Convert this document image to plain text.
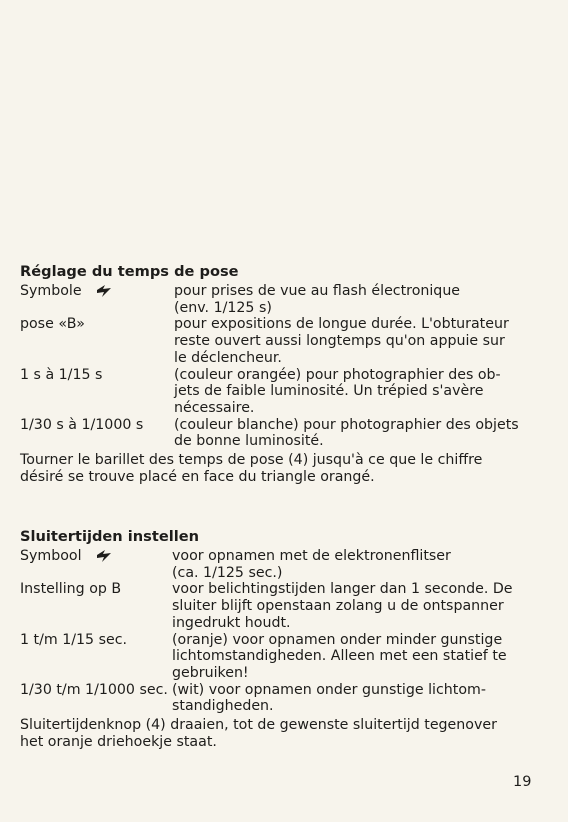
Réglage du temps de pose
Symbole	pour prises de vue au flash électronique
(env. 1/125 s)
pose «B»	pour expositions de longue durée. L'obturateur
reste ouvert aussi longtemps qu'on appuie sur
le déclencheur.
1 s à 1/15 s	(couleur orangée) pour photographier des ob-
jets de faible luminosité. Un trépied s'avère
nécessaire.
1/30 s à 1/1000 s (couleur blanche) pour photographier des objets
de bonne luminosité.
Tourner le barillet des temps de pose (4) jusqu'à ce que le chiffre
désiré se trouve placé en face du triangle orangé.
Sluitertijden instellen
Symbool	voor opnamen met de elektronenflitser
(ca. 1/125 sec.)
Instelling op B	voor belichtingstijden langer dan 1 seconde. De
sluiter blijft openstaan zolang u de ontspanner
ingedrukt houdt.
1 t/m 1/15 sec.	(oranje) voor opnamen onder minder gunstige
lichtomstandigheden. Alleen met een statief te
gebruiken!
1/30 t/m 1/1000 sec. (wit) voor opnamen onder gunstige lichtom-
standigheden.
Sluitertijdenknop (4) draaien, tot de gewenste sluitertijd tegenover
het oranje driehoekje staat.
19
